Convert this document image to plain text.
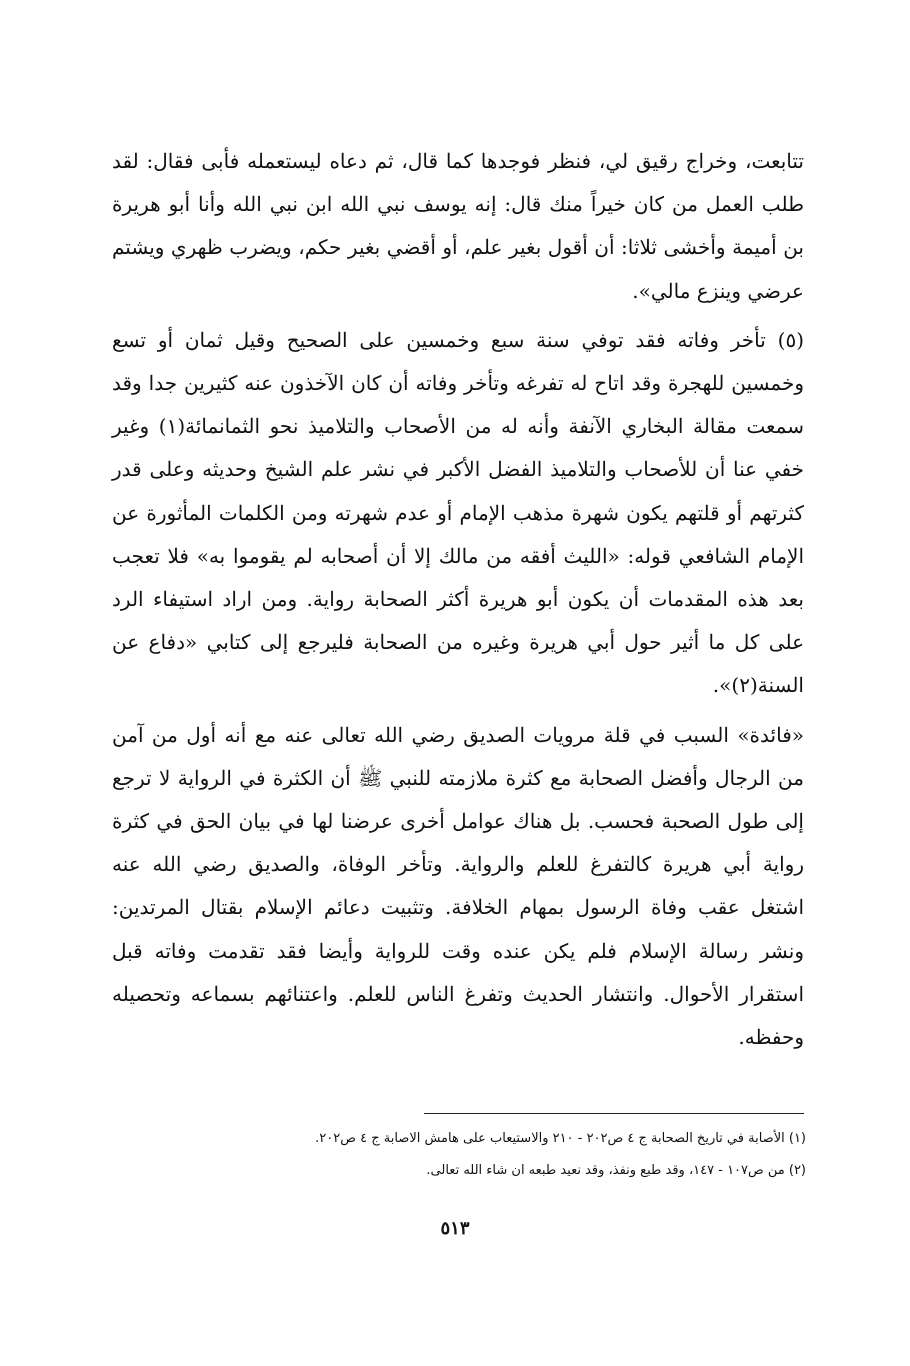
تتابعت، وخراج رقيق لي، فنظر فوجدها كما قال، ثم دعاه ليستعمله فأبى فقال: لقد طلب العمل من كان خيراً منك قال: إنه يوسف نبي الله ابن نبي الله وأنا أبو هريرة بن أميمة وأخشى ثلاثا: أن أقول بغير علم، أو أقضي بغير حكم، ويضرب ظهري ويشتم عرضي وينزع مالي».

(٥) تأخر وفاته فقد توفي سنة سبع وخمسين على الصحيح وقيل ثمان أو تسع وخمسين للهجرة وقد اتاح له تفرغه وتأخر وفاته أن كان الآخذون عنه كثيرين جدا وقد سمعت مقالة البخاري الآنفة وأنه له من الأصحاب والتلاميذ نحو الثمانمائة(١) وغير خفي عنا أن للأصحاب والتلاميذ الفضل الأكبر في نشر علم الشيخ وحديثه وعلى قدر كثرتهم أو قلتهم يكون شهرة مذهب الإمام أو عدم شهرته ومن الكلمات المأثورة عن الإمام الشافعي قوله: «الليث أفقه من مالك إلا أن أصحابه لم يقوموا به» فلا تعجب بعد هذه المقدمات أن يكون أبو هريرة أكثر الصحابة رواية. ومن اراد استيفاء الرد على كل ما أثير حول أبي هريرة وغيره من الصحابة فليرجع إلى كتابي «دفاع عن السنة(٢)».

«فائدة» السبب في قلة مرويات الصديق رضي الله تعالى عنه مع أنه أول من آمن من الرجال وأفضل الصحابة مع كثرة ملازمته للنبي ﷺ أن الكثرة في الرواية لا ترجع إلى طول الصحبة فحسب. بل هناك عوامل أخرى عرضنا لها في بيان الحق في كثرة رواية أبي هريرة كالتفرغ للعلم والرواية. وتأخر الوفاة، والصديق رضي الله عنه اشتغل عقب وفاة الرسول بمهام الخلافة. وتثبيت دعائم الإسلام بقتال المرتدين: ونشر رسالة الإسلام فلم يكن عنده وقت للرواية وأيضا فقد تقدمت وفاته قبل استقرار الأحوال. وانتشار الحديث وتفرغ الناس للعلم. واعتنائهم بسماعه وتحصيله وحفظه.

(١) الأصابة في تاريخ الصحابة ج ٤ ص٢٠٢ - ٢١٠ والاستيعاب على هامش الاصابة ج ٤ ص٢٠٢.

(٢) من ص١٠٧ - ١٤٧، وقد طبع ونفذ، وقد نعيد طبعه ان شاء الله تعالى.

٥١٣
